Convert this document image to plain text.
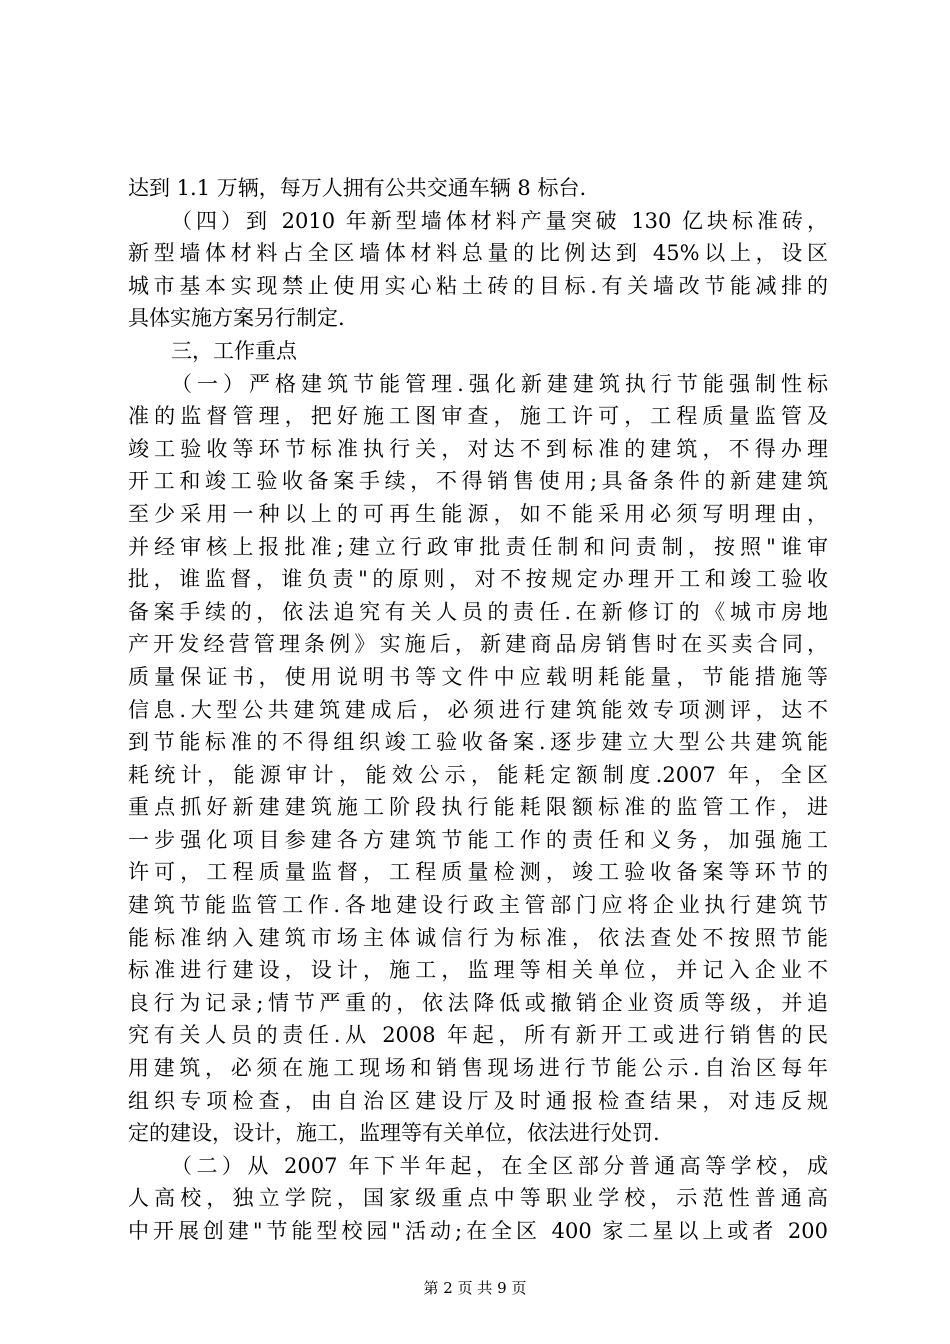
达到 1.1 万辆，每万人拥有公共交通车辆 8 标台.
（四）到 2010 年新型墙体材料产量突破 130 亿块标准砖，
新型墙体材料占全区墙体材料总量的比例达到 45%以上，设区
城市基本实现禁止使用实心粘土砖的目标.有关墙改节能减排的
具体实施方案另行制定.
三，工作重点
（一）严格建筑节能管理.强化新建建筑执行节能强制性标
准的监督管理，把好施工图审查，施工许可，工程质量监管及
竣工验收等环节标准执行关，对达不到标准的建筑，不得办理
开工和竣工验收备案手续，不得销售使用;具备条件的新建建筑
至少采用一种以上的可再生能源，如不能采用必须写明理由，
并经审核上报批准;建立行政审批责任制和问责制，按照"谁审
批，谁监督，谁负责"的原则，对不按规定办理开工和竣工验收
备案手续的，依法追究有关人员的责任.在新修订的《城市房地
产开发经营管理条例》实施后，新建商品房销售时在买卖合同，
质量保证书，使用说明书等文件中应载明耗能量，节能措施等
信息.大型公共建筑建成后，必须进行建筑能效专项测评，达不
到节能标准的不得组织竣工验收备案.逐步建立大型公共建筑能
耗统计，能源审计，能效公示，能耗定额制度.2007 年，全区
重点抓好新建建筑施工阶段执行能耗限额标准的监管工作，进
一步强化项目参建各方建筑节能工作的责任和义务，加强施工
许可，工程质量监督，工程质量检测，竣工验收备案等环节的
建筑节能监管工作.各地建设行政主管部门应将企业执行建筑节
能标准纳入建筑市场主体诚信行为标准，依法查处不按照节能
标准进行建设，设计，施工，监理等相关单位，并记入企业不
良行为记录;情节严重的，依法降低或撤销企业资质等级，并追
究有关人员的责任.从 2008 年起，所有新开工或进行销售的民
用建筑，必须在施工现场和销售现场进行节能公示.自治区每年
组织专项检查，由自治区建设厅及时通报检查结果，对违反规
定的建设，设计，施工，监理等有关单位，依法进行处罚.
（二）从 2007 年下半年起，在全区部分普通高等学校，成
人高校，独立学院，国家级重点中等职业学校，示范性普通高
中开展创建"节能型校园"活动;在全区 400 家二星以上或者 200
第 2 页 共 9 页
